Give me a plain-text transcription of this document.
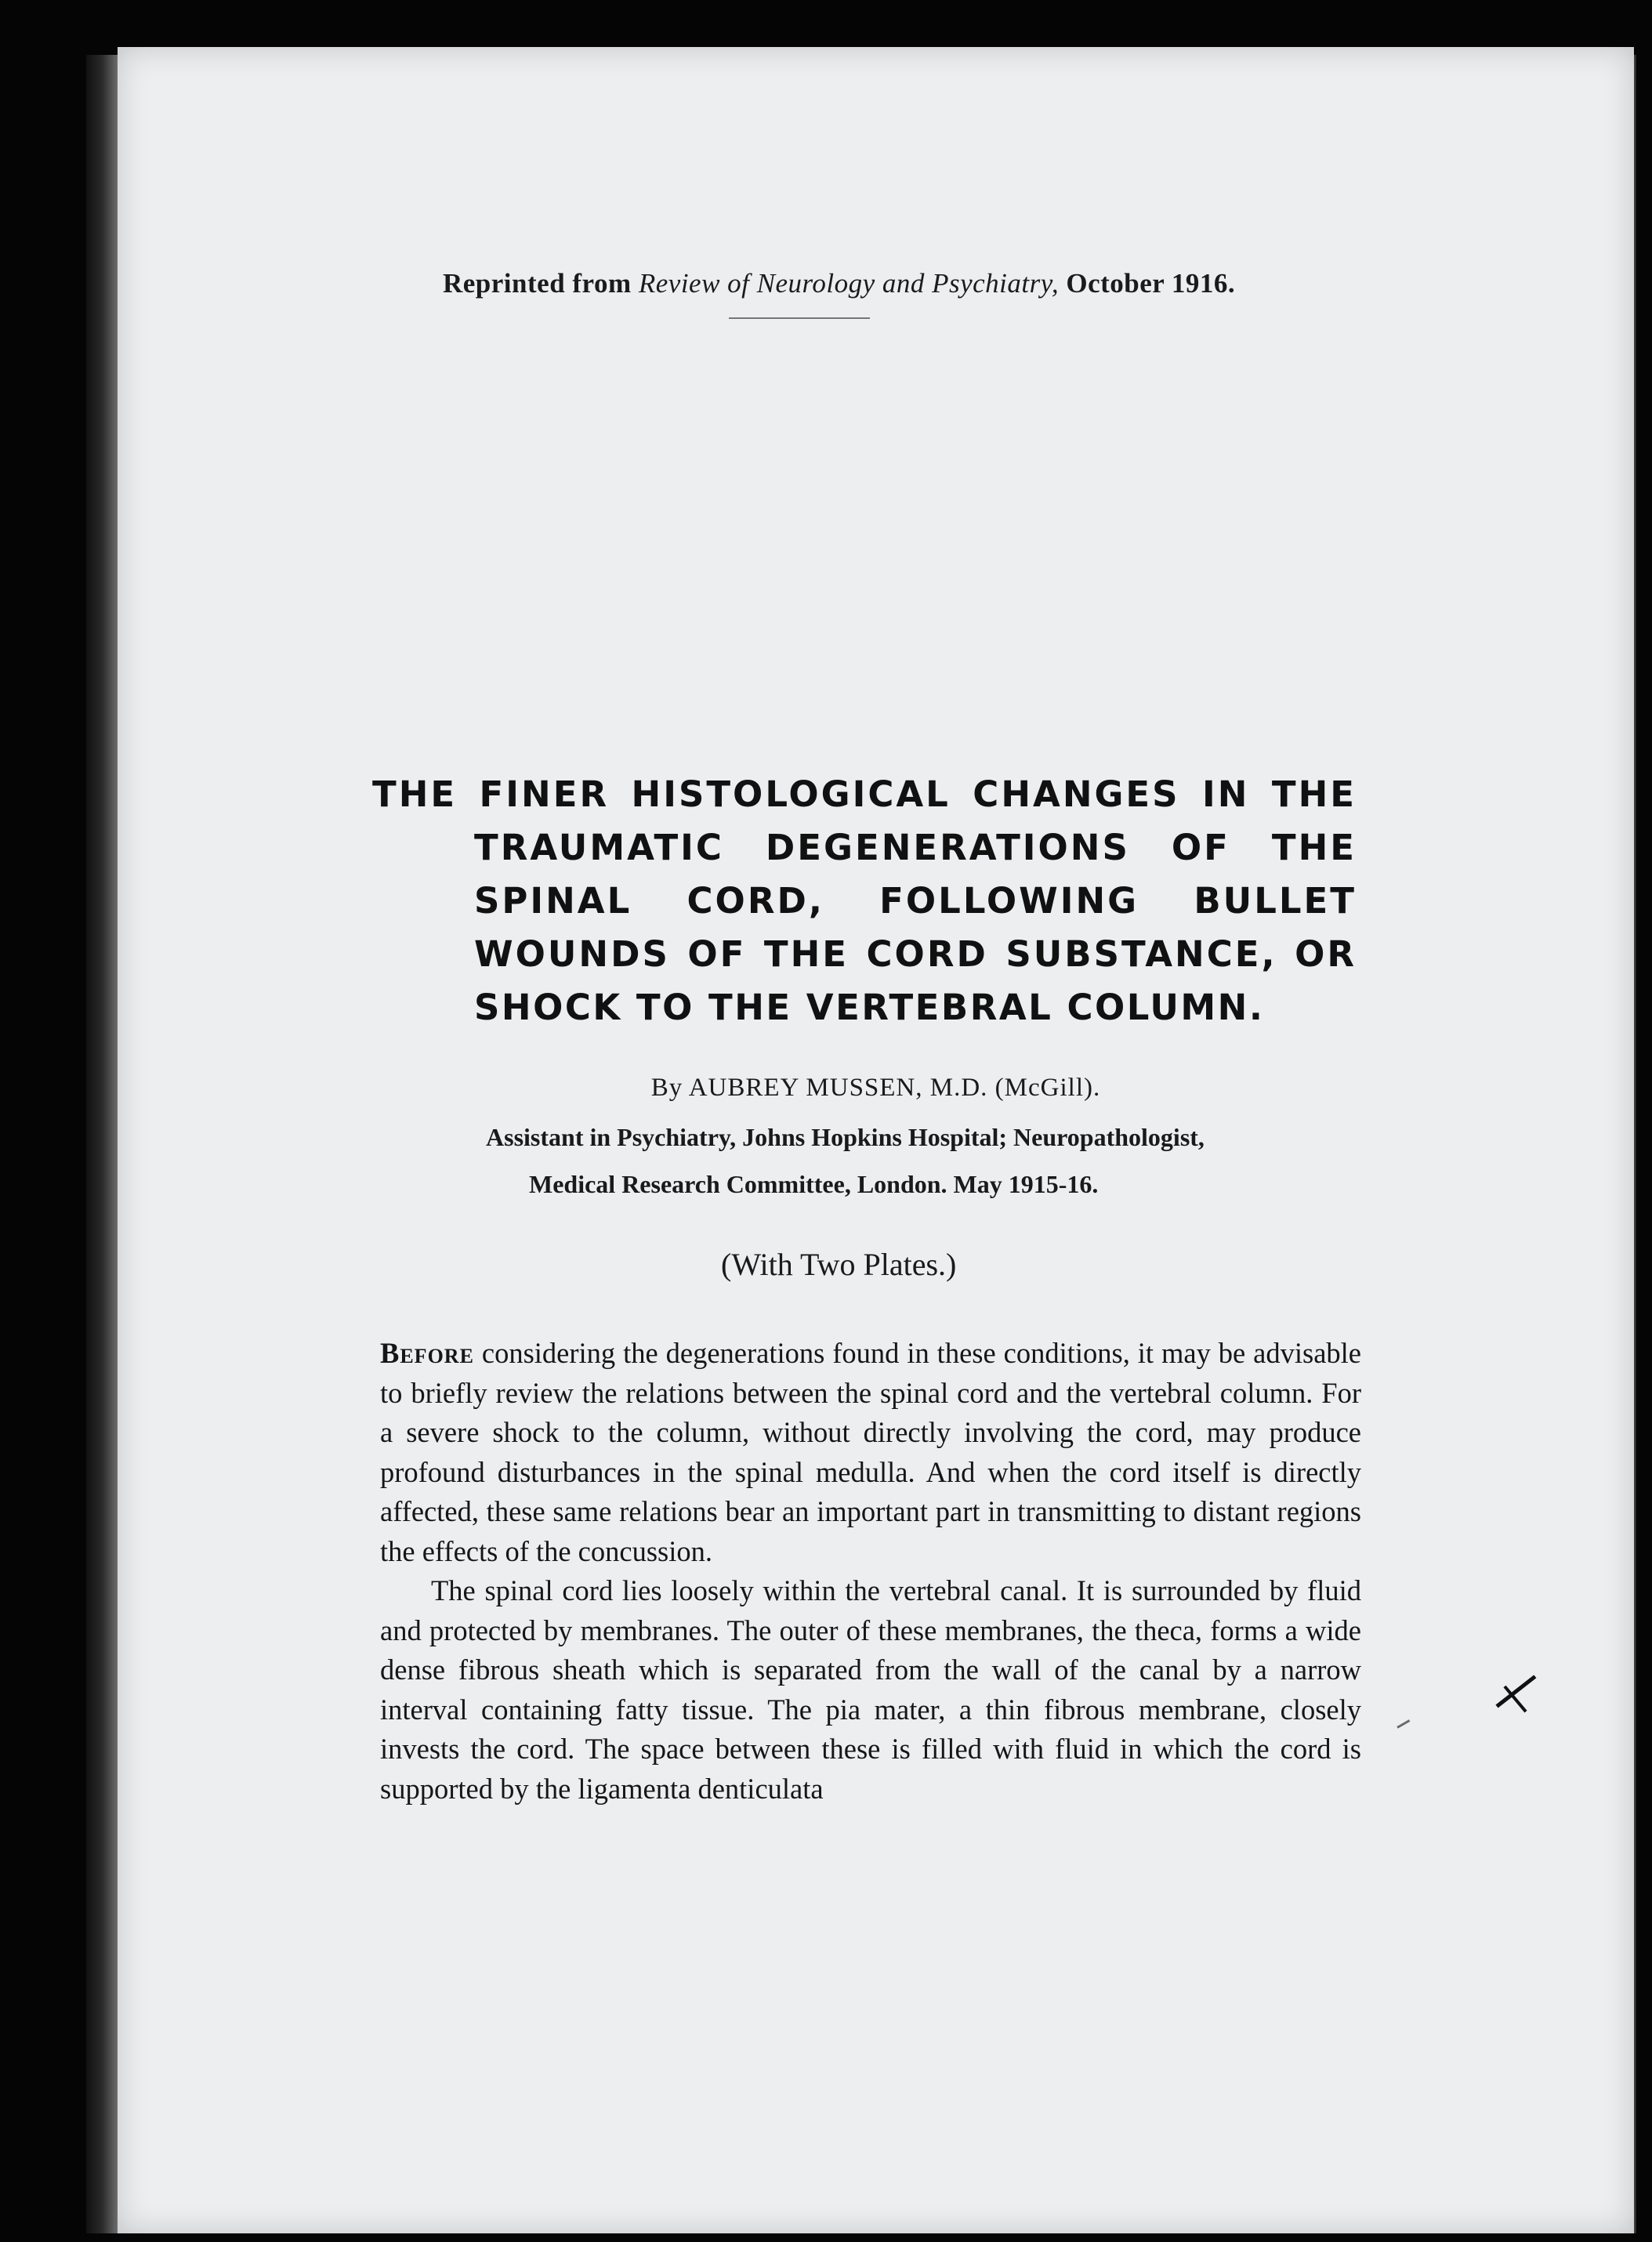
Reprinted from Review of Neurology and Psychiatry, October 1916.
THE FINER HISTOLOGICAL CHANGES IN THE
TRAUMATIC DEGENERATIONS OF THE
SPINAL CORD, FOLLOWING BULLET
WOUNDS OF THE CORD SUBSTANCE, OR
SHOCK TO THE VERTEBRAL COLUMN.
By AUBREY MUSSEN, M.D. (McGill).
Assistant in Psychiatry, Johns Hopkins Hospital; Neuropathologist,
Medical Research Committee, London. May 1915-16.
(With Two Plates.)

Before considering the degenerations found in these conditions, it may be advisable to briefly review the relations between the spinal cord and the vertebral column. For a severe shock to the column, without directly involving the cord, may produce profound disturbances in the spinal medulla. And when the cord itself is directly affected, these same relations bear an important part in transmitting to distant regions the effects of the concussion.

The spinal cord lies loosely within the vertebral canal. It is surrounded by fluid and protected by membranes. The outer of these membranes, the theca, forms a wide dense fibrous sheath which is separated from the wall of the canal by a narrow interval containing fatty tissue. The pia mater, a thin fibrous membrane, closely invests the cord. The space between these is filled with fluid in which the cord is supported by the ligamenta denticulata
